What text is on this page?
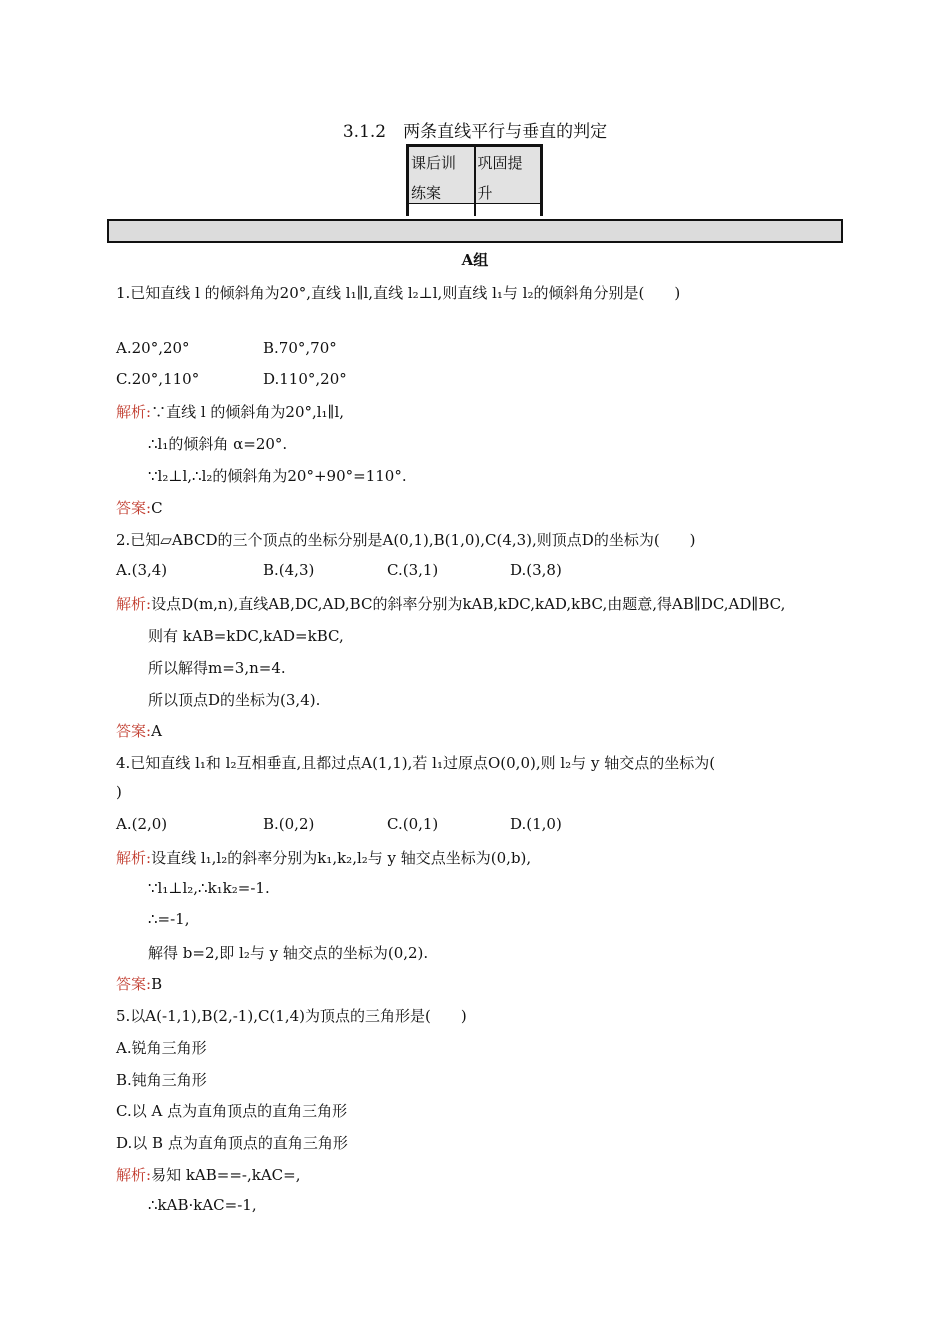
3.1.2　两条直线平行与垂直的判定
课后训
练案
巩固提
升
A组
1.已知直线 l 的倾斜角为20°,直线 l₁∥l,直线 l₂⊥l,则直线 l₁与 l₂的倾斜角分别是(　　)
A.20°,20°	B.70°,70°
C.20°,110°	D.110°,20°
解析:∵直线 l 的倾斜角为20°,l₁∥l,
∴l₁的倾斜角 α=20°.
∵l₂⊥l,∴l₂的倾斜角为20°+90°=110°.
答案:C
2.已知▱ABCD的三个顶点的坐标分别是A(0,1),B(1,0),C(4,3),则顶点D的坐标为(　　)
A.(3,4)	B.(4,3)	C.(3,1)	D.(3,8)
解析:设点D(m,n),直线AB,DC,AD,BC的斜率分别为kAB,kDC,kAD,kBC,由题意,得AB∥DC,AD∥BC,
则有 kAB=kDC,kAD=kBC,
所以解得m=3,n=4.
所以顶点D的坐标为(3,4).
答案:A
4.已知直线 l₁和 l₂互相垂直,且都过点A(1,1),若 l₁过原点O(0,0),则 l₂与 y 轴交点的坐标为(
)
A.(2,0)	B.(0,2)	C.(0,1)	D.(1,0)
解析:设直线 l₁,l₂的斜率分别为k₁,k₂,l₂与 y 轴交点坐标为(0,b),
∵l₁⊥l₂,∴k₁k₂=-1.
∴=-1,
解得 b=2,即 l₂与 y 轴交点的坐标为(0,2).
答案:B
5.以A(-1,1),B(2,-1),C(1,4)为顶点的三角形是(　　)
A.锐角三角形
B.钝角三角形
C.以 A 点为直角顶点的直角三角形
D.以 B 点为直角顶点的直角三角形
解析:易知 kAB==-,kAC=,
∴kAB·kAC=-1,
